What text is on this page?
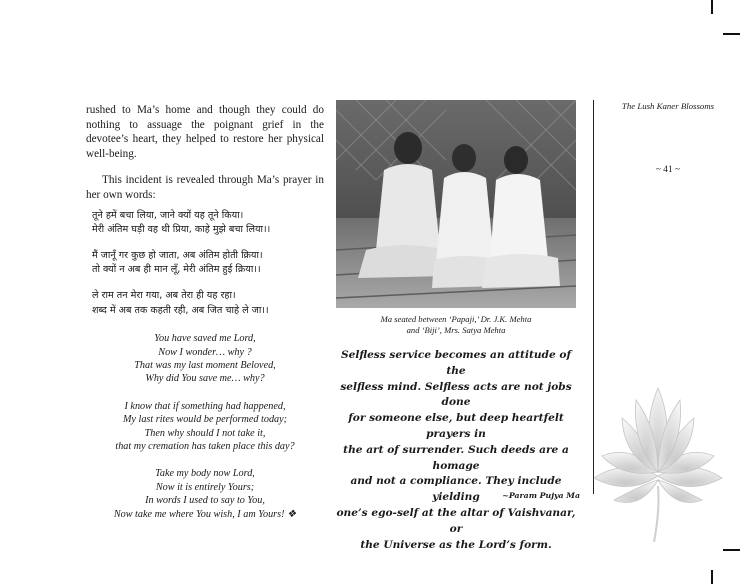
rushed to Ma’s home and though they could do nothing to assuage the poignant grief in the devotee’s heart, they helped to restore her physical well-being.

This incident is revealed through Ma’s prayer in her own words:

तूने हमें बचा लिया, जाने क्यों यह तूने किया।

मेरी अंतिम घड़ी वह थी प्रिया, काहे मुझे बचा लिया।।

मैं जानूँ गर कुछ हो जाता, अब अंतिम होती क्रिया।

तो क्यों न अब ही मान लूँ, मेरी अंतिम हुई क्रिया।।

ले राम तन मेरा गया, अब तेरा ही यह रहा।

शब्द में अब तक कहती रही, अब जित चाहे ले जा।।

You have saved me Lord,

Now I wonder… why ?

That was my last moment Beloved,

Why did You save me… why?

I know that if something had happened,

My last rites would be performed today;

Then why should I not take it,

that my cremation has taken place this day?

Take my body now Lord,

Now it is entirely Yours;

In words I used to say to You,

Now take me where You wish, I am Yours! ❖

Ma seated between ‘Papaji,’ Dr. J.K. Mehta
and ‘Biji’, Mrs. Satya Mehta

Selfless service becomes an attitude of the
selfless mind. Selfless acts are not jobs done
for someone else, but deep heartfelt prayers in
the art of surrender. Such deeds are a homage
and not a compliance. They include yielding
one’s ego-self at the altar of Vaishvanar, or
the Universe as the Lord’s form.

~Param Pujya Ma

The Lush Kaner Blossoms

~ 41 ~
